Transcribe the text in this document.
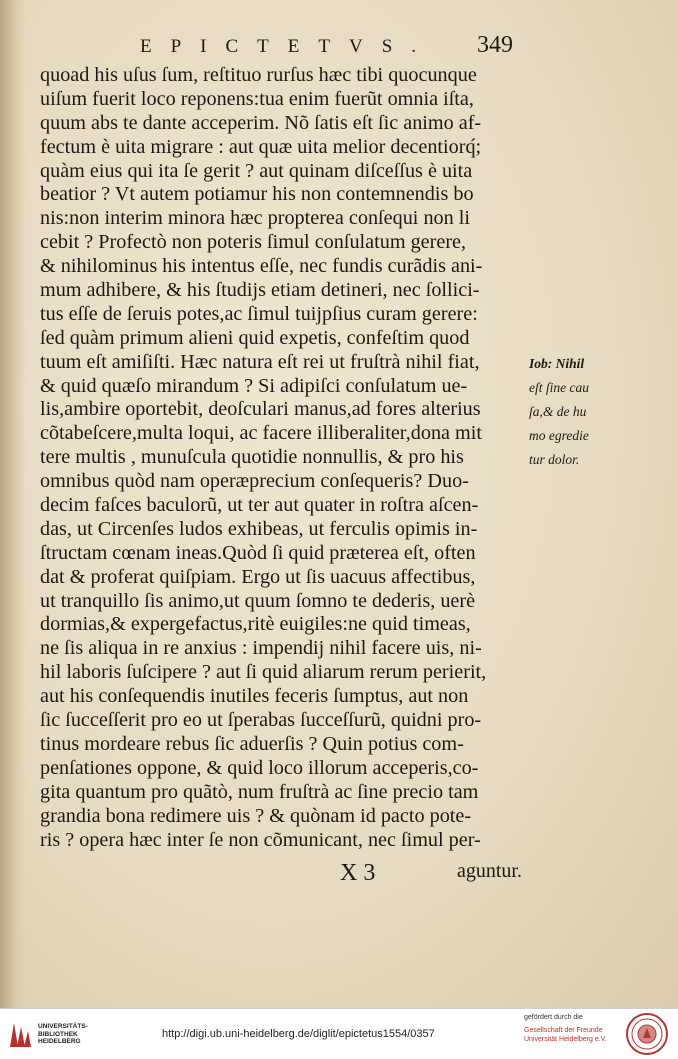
EPICTETVS. 349
quoad his uſus ſum, reſtituo rurſus hæc tibi quocunque
uiſum fuerit loco reponens:tua enim fuerũt omnia iſta,
quum abs te dante acceperim. Nõ ſatis eſt ſic animo af-
fectum è uita migrare : aut quæ uita melior decentiorq́;
quàm eius qui ita ſe gerit ? aut quinam diſceſſus è uita
beatior ? Vt autem potiamur his non contemnendis bo
nis:non interim minora hæc propterea conſequi non li
cebit ? Profectò non poteris ſimul conſulatum gerere,
& nihilominus his intentus eſſe, nec fundis curãdis ani-
mum adhibere, & his ſtudijs etiam detineri, nec ſollici-
tus eſſe de ſeruis potes,ac ſimul tuijpſius curam gerere:
ſed quàm primum alieni quid expetis, confeſtim quod
tuum eſt amiſiſti. Hæc natura eſt rei ut fruſtrà nihil fiat,
& quid quæſo mirandum ? Si adipiſci conſulatum ue-
lis,ambire oportebit, deoſculari manus,ad fores alterius
cõtabeſcere,multa loqui, ac facere illiberaliter,dona mit
tere multis , munuſcula quotidie nonnullis, & pro his
omnibus quòd nam operæprecium conſequeris? Duo-
decim faſces baculorũ, ut ter aut quater in roſtra aſcen-
das, ut Circenſes ludos exhibeas, ut ferculis opimis in-
ſtructam cœnam ineas.Quòd ſi quid præterea eſt, often
dat & proferat quiſpiam. Ergo ut ſis uacuus affectibus,
ut tranquillo ſis animo,ut quum ſomno te dederis, uerè
dormias,& expergefactus,ritè euigiles:ne quid timeas,
ne ſis aliqua in re anxius : impendij nihil facere uis, ni-
hil laboris ſuſcipere ? aut ſi quid aliarum rerum perierit,
aut his conſequendis inutiles feceris ſumptus, aut non
ſic ſucceſſerit pro eo ut ſperabas ſucceſſurũ, quidni pro-
tinus mordeare rebus ſic aduerſis ? Quin potius com-
penſationes oppone, & quid loco illorum acceperis,co-
gita quantum pro quãtò, num fruſtrà ac ſine precio tam
grandia bona redimere uis ? & quònam id pacto pote-
ris ? opera hæc inter ſe non cõmunicant, nec ſimul per-
X 3	aguntur.
Iob: Nihil
eſt ſine cau
ſa,& de hu
mo egredie
tur dolor.
UNIVERSITÄTS-
BIBLIOTHEK
HEIDELBERG
http://digi.ub.uni-heidelberg.de/diglit/epictetus1554/0357
gefördert durch die
Gesellschaft der Freunde
Universität Heidelberg e.V.
